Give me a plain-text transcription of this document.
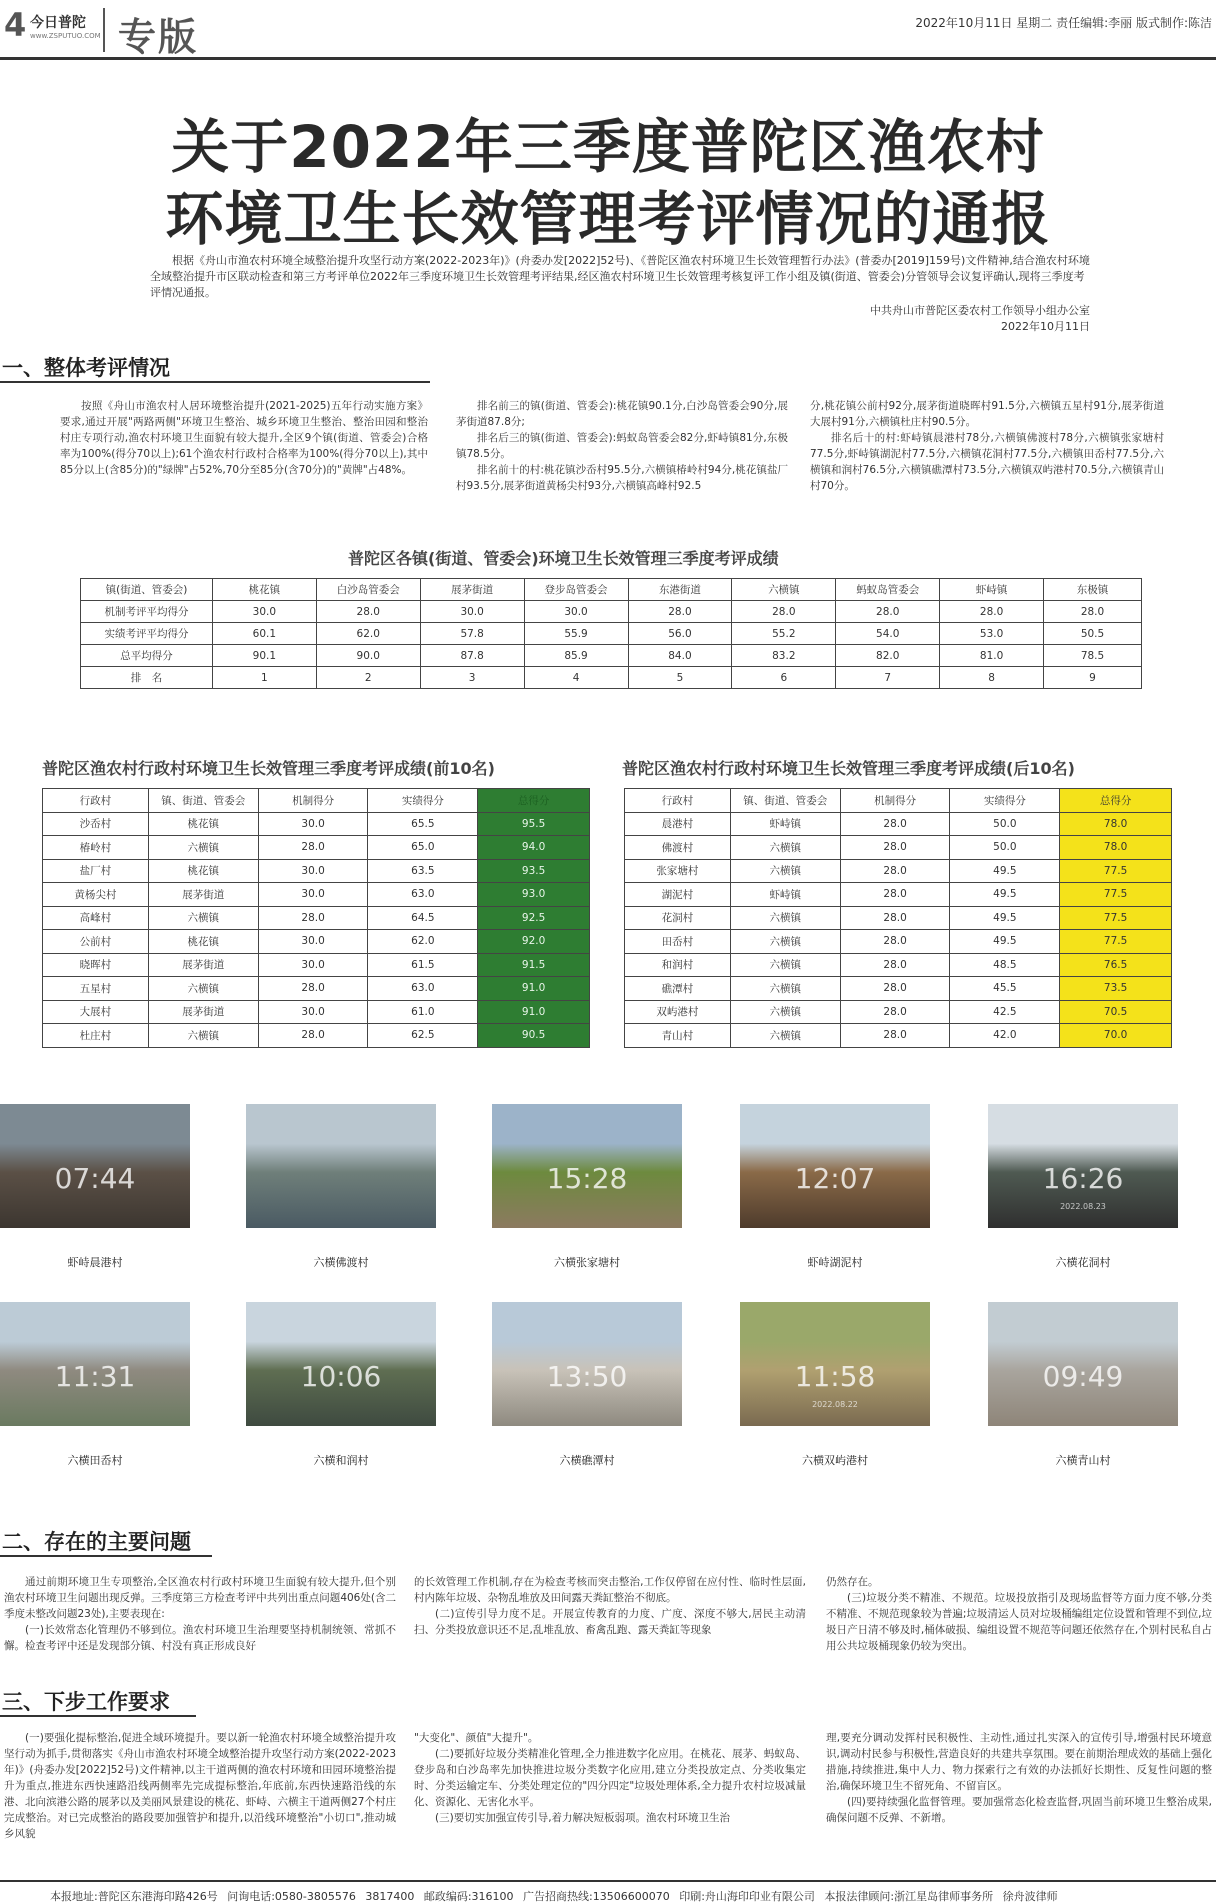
4 今日普陀
www.ZSPUTUO.COM 专版	2022年10月11日 星期二 责任编辑:李丽 版式制作:陈洁
关于2022年三季度普陀区渔农村
环境卫生长效管理考评情况的通报
根据《舟山市渔农村环境全域整治提升攻坚行动方案(2022-2023年)》(舟委办发[2022]52号)、《普陀区渔农村环境卫生长效管理暂行办法》(普委办[2019]159号)文件精神,结合渔农村环境全域整治提升市区联动检查和第三方考评单位2022年三季度环境卫生长效管理考评结果,经区渔农村环境卫生长效管理考核复评工作小组及镇(街道、管委会)分管领导会议复评确认,现将三季度考评情况通报。
中共舟山市普陀区委农村工作领导小组办公室
2022年10月11日
一、整体考评情况

按照《舟山市渔农村人居环境整治提升(2021-2025)五年行动实施方案》要求,通过开展"两路两侧"环境卫生整治、城乡环境卫生整治、整治田园和整治村庄专项行动,渔农村环境卫生面貌有较大提升,全区9个镇(街道、管委会)合格率为100%(得分70以上);61个渔农村行政村合格率为100%(得分70以上),其中85分以上(含85分)的"绿牌"占52%,70分至85分(含70分)的"黄牌"占48%。

排名前三的镇(街道、管委会):桃花镇90.1分,白沙岛管委会90分,展茅街道87.8分;

排名后三的镇(街道、管委会):蚂蚁岛管委会82分,虾峙镇81分,东极镇78.5分。

排名前十的村:桃花镇沙岙村95.5分,六横镇椿岭村94分,桃花镇盐厂村93.5分,展茅街道黄杨尖村93分,六横镇高峰村92.5

分,桃花镇公前村92分,展茅街道晓晖村91.5分,六横镇五星村91分,展茅街道大展村91分,六横镇杜庄村90.5分。

排名后十的村:虾峙镇晨港村78分,六横镇佛渡村78分,六横镇张家塘村77.5分,虾峙镇湖泥村77.5分,六横镇花洞村77.5分,六横镇田岙村77.5分,六横镇和润村76.5分,六横镇礁潭村73.5分,六横镇双屿港村70.5分,六横镇青山村70分。

普陀区各镇(街道、管委会)环境卫生长效管理三季度考评成绩
镇(街道、管委会)	桃花镇	白沙岛管委会	展茅街道	登步岛管委会	东港街道	六横镇	蚂蚁岛管委会	虾峙镇	东极镇
机制考评平均得分	30.0	28.0	30.0	30.0	28.0	28.0	28.0	28.0	28.0
实绩考评平均得分	60.1	62.0	57.8	55.9	56.0	55.2	54.0	53.0	50.5
总平均得分	90.1	90.0	87.8	85.9	84.0	83.2	82.0	81.0	78.5
排　名	1	2	3	4	5	6	7	8	9
普陀区渔农村行政村环境卫生长效管理三季度考评成绩(前10名)
行政村	镇、街道、管委会	机制得分	实绩得分	总得分
沙岙村	桃花镇	30.0	65.5	95.5
椿岭村	六横镇	28.0	65.0	94.0
盐厂村	桃花镇	30.0	63.5	93.5
黄杨尖村	展茅街道	30.0	63.0	93.0
高峰村	六横镇	28.0	64.5	92.5
公前村	桃花镇	30.0	62.0	92.0
晓晖村	展茅街道	30.0	61.5	91.5
五星村	六横镇	28.0	63.0	91.0
大展村	展茅街道	30.0	61.0	91.0
杜庄村	六横镇	28.0	62.5	90.5
普陀区渔农村行政村环境卫生长效管理三季度考评成绩(后10名)
行政村	镇、街道、管委会	机制得分	实绩得分	总得分
晨港村	虾峙镇	28.0	50.0	78.0
佛渡村	六横镇	28.0	50.0	78.0
张家塘村	六横镇	28.0	49.5	77.5
湖泥村	虾峙镇	28.0	49.5	77.5
花洞村	六横镇	28.0	49.5	77.5
田岙村	六横镇	28.0	49.5	77.5
和润村	六横镇	28.0	48.5	76.5
礁潭村	六横镇	28.0	45.5	73.5
双屿港村	六横镇	28.0	42.5	70.5
青山村	六横镇	28.0	42.0	70.0
07:44
虾峙晨港村	六横佛渡村
15:28
六横张家塘村
12:07
虾峙湖泥村
16:26
2022.08.23
六横花洞村
11:31
六横田岙村
10:06
六横和润村
13:50
六横礁潭村
11:58
2022.08.22
六横双屿港村
09:49
六横青山村
二、存在的主要问题

通过前期环境卫生专项整治,全区渔农村行政村环境卫生面貌有较大提升,但个别渔农村环境卫生问题出现反弹。三季度第三方检查考评中共列出重点问题406处(含二季度未整改问题23处),主要表现在:

(一)长效常态化管理仍不够到位。渔农村环境卫生治理要坚持机制统领、常抓不懈。检查考评中还是发现部分镇、村没有真正形成良好

的长效管理工作机制,存在为检查考核而突击整治,工作仅停留在应付性、临时性层面,村内陈年垃圾、杂物乱堆放及田间露天粪缸整治不彻底。

(二)宣传引导力度不足。开展宣传教育的力度、广度、深度不够大,居民主动清扫、分类投放意识还不足,乱堆乱放、畜禽乱跑、露天粪缸等现象

仍然存在。

(三)垃圾分类不精准、不规范。垃圾投放指引及现场监督等方面力度不够,分类不精准、不规范现象较为普遍;垃圾清运人员对垃圾桶编组定位设置和管理不到位,垃圾日产日清不够及时,桶体破损、编组设置不规范等问题还依然存在,个别村民私自占用公共垃圾桶现象仍较为突出。

三、下步工作要求

(一)要强化提标整治,促进全域环境提升。要以新一轮渔农村环境全域整治提升攻坚行动为抓手,贯彻落实《舟山市渔农村环境全域整治提升攻坚行动方案(2022-2023年)》(舟委办发[2022]52号)文件精神,以主干道两侧的渔农村环境和田园环境整治提升为重点,推进东西快速路沿线两侧率先完成提标整治,年底前,东西快速路沿线的东港、北向滨港公路的展茅以及美丽风景建设的桃花、虾峙、六横主干道两侧27个村庄完成整治。对已完成整治的路段要加强管护和提升,以沿线环境整治"小切口",推动城乡风貌

"大变化"、颜值"大提升"。

(二)要抓好垃圾分类精准化管理,全力推进数字化应用。在桃花、展茅、蚂蚁岛、登步岛和白沙岛率先加快推进垃圾分类数字化应用,建立分类投放定点、分类收集定时、分类运输定车、分类处理定位的"四分四定"垃圾处理体系,全力提升农村垃圾减量化、资源化、无害化水平。

(三)要切实加强宣传引导,着力解决短板弱项。渔农村环境卫生治

理,要充分调动发挥村民积极性、主动性,通过扎实深入的宣传引导,增强村民环境意识,调动村民参与积极性,营造良好的共建共享氛围。要在前期治理成效的基础上强化措施,持续推进,集中人力、物力探索行之有效的办法抓好长期性、反复性问题的整治,确保环境卫生不留死角、不留盲区。

(四)要持续强化监督管理。要加强常态化检查监督,巩固当前环境卫生整治成果,确保问题不反弹、不新增。

本报地址:普陀区东港海印路426号 问询电话:0580-3805576 3817400 邮政编码:316100 广告招商热线:13506600070 印刷:舟山海印印业有限公司 本报法律顾问:浙江星岛律师事务所 徐舟波律师
